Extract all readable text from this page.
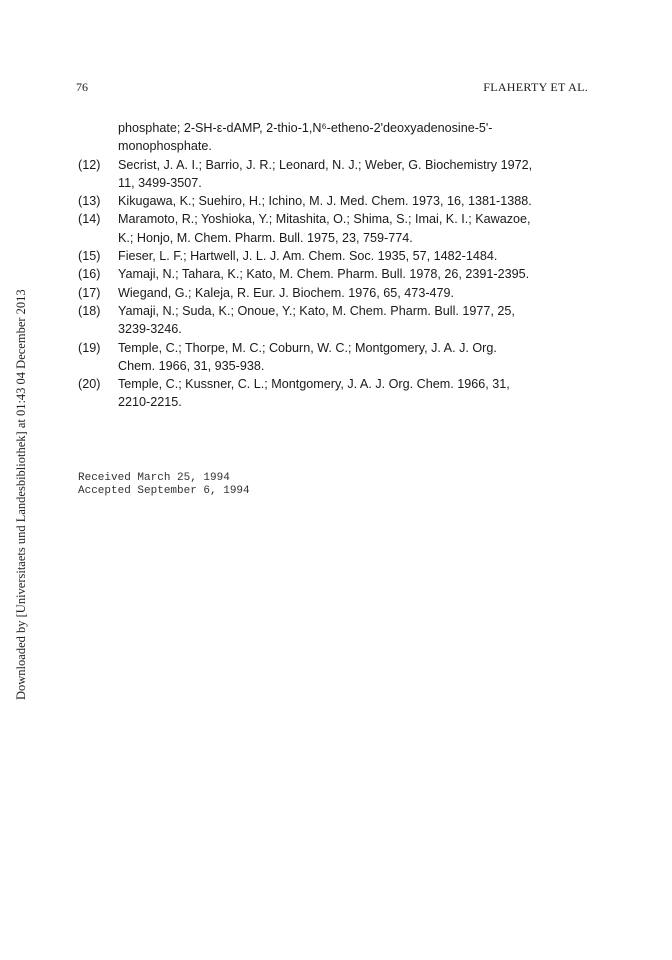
76	FLAHERTY ET AL.
phosphate; 2-SH-ε-dAMP, 2-thio-1,N⁶-etheno-2'deoxyadenosine-5'-
monophosphate.
(12)	Secrist, J. A. I.; Barrio, J. R.; Leonard, N. J.; Weber, G. Biochemistry 1972,
11, 3499-3507.
(13)	Kikugawa, K.; Suehiro, H.; Ichino, M. J. Med. Chem. 1973, 16, 1381-1388.
(14)	Maramoto, R.; Yoshioka, Y.; Mitashita, O.; Shima, S.; Imai, K. I.; Kawazoe,
K.; Honjo, M. Chem. Pharm. Bull. 1975, 23, 759-774.
(15)	Fieser, L. F.; Hartwell, J. L. J. Am. Chem. Soc. 1935, 57, 1482-1484.
(16)	Yamaji, N.; Tahara, K.; Kato, M. Chem. Pharm. Bull. 1978, 26, 2391-2395.
(17)	Wiegand, G.; Kaleja, R. Eur. J. Biochem. 1976, 65, 473-479.
(18)	Yamaji, N.; Suda, K.; Onoue, Y.; Kato, M. Chem. Pharm. Bull. 1977, 25,
3239-3246.
(19)	Temple, C.; Thorpe, M. C.; Coburn, W. C.; Montgomery, J. A. J. Org.
Chem. 1966, 31, 935-938.
(20)	Temple, C.; Kussner, C. L.; Montgomery, J. A. J. Org. Chem. 1966, 31,
2210-2215.
Received March 25, 1994
Accepted September 6, 1994
Downloaded by [Universitaets und Landesbibliothek] at 01:43 04 December 2013
